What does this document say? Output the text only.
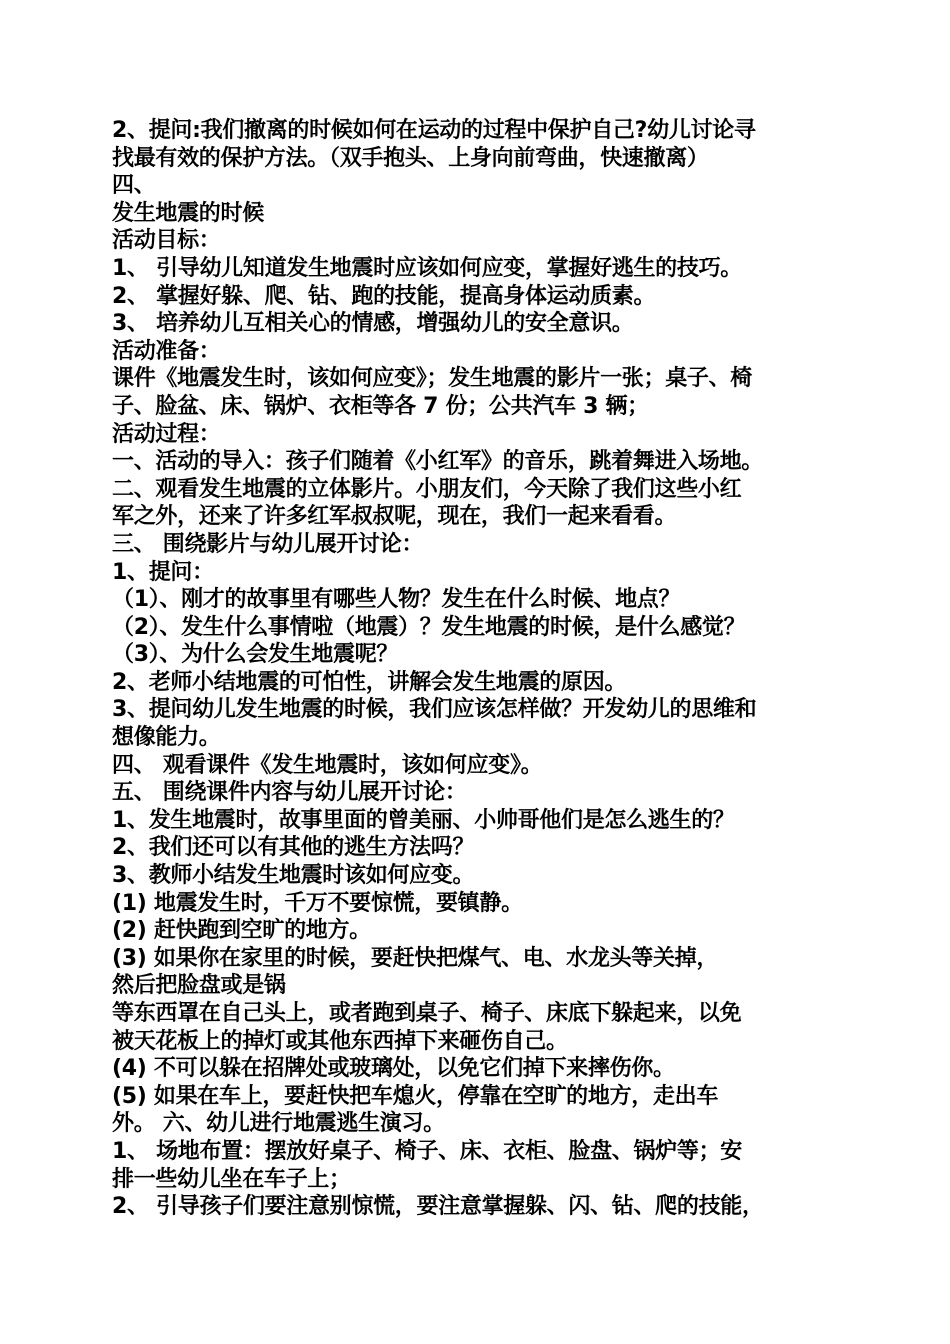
2、提问:我们撤离的时候如何在运动的过程中保护自己?幼儿讨论寻
找最有效的保护方法。（双手抱头、上身向前弯曲，快速撤离）
四、
发生地震的时候
活动目标：
1、 引导幼儿知道发生地震时应该如何应变，掌握好逃生的技巧。
2、 掌握好躲、爬、钻、跑的技能，提高身体运动质素。
3、 培养幼儿互相关心的情感，增强幼儿的安全意识。
活动准备：
课件《地震发生时，该如何应变》；发生地震的影片一张；桌子、椅
子、脸盆、床、锅炉、衣柜等各 7 份；公共汽车 3 辆；
活动过程：
一、活动的导入：孩子们随着《小红军》的音乐，跳着舞进入场地。
二、观看发生地震的立体影片。小朋友们，今天除了我们这些小红
军之外，还来了许多红军叔叔呢，现在，我们一起来看看。
三、 围绕影片与幼儿展开讨论：
1、提问：
（1）、刚才的故事里有哪些人物？发生在什么时候、地点？
（2）、发生什么事情啦（地震）？发生地震的时候，是什么感觉？
（3）、为什么会发生地震呢？
2、老师小结地震的可怕性，讲解会发生地震的原因。
3、提问幼儿发生地震的时候，我们应该怎样做？开发幼儿的思维和
想像能力。
四、 观看课件《发生地震时，该如何应变》。
五、 围绕课件内容与幼儿展开讨论：
1、发生地震时，故事里面的曾美丽、小帅哥他们是怎么逃生的？
2、我们还可以有其他的逃生方法吗？
3、教师小结发生地震时该如何应变。
(1) 地震发生时，千万不要惊慌，要镇静。
(2) 赶快跑到空旷的地方。
(3) 如果你在家里的时候，要赶快把煤气、电、水龙头等关掉，
然后把脸盘或是锅
等东西罩在自己头上，或者跑到桌子、椅子、床底下躲起来，以免
被天花板上的掉灯或其他东西掉下来砸伤自己。
(4) 不可以躲在招牌处或玻璃处，以免它们掉下来摔伤你。
(5) 如果在车上，要赶快把车熄火，停靠在空旷的地方，走出车
外。 六、幼儿进行地震逃生演习。
1、 场地布置：摆放好桌子、椅子、床、衣柜、脸盘、锅炉等；安
排一些幼儿坐在车子上；
2、 引导孩子们要注意别惊慌，要注意掌握躲、闪、钻、爬的技能，
